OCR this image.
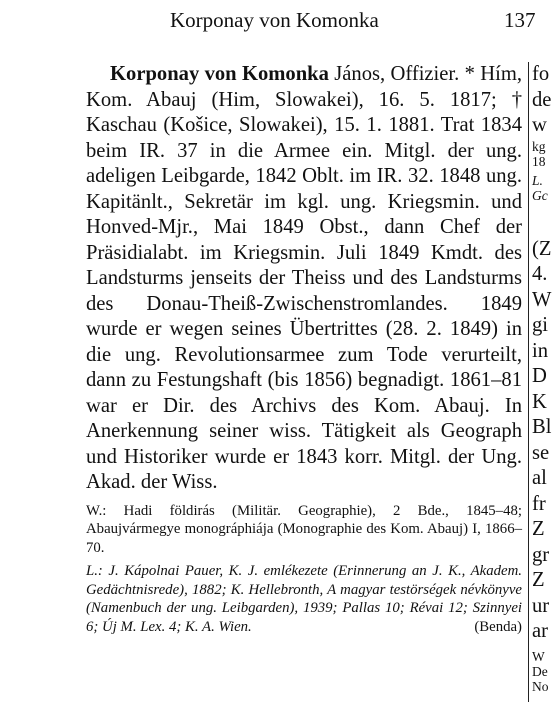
Korponay von Komonka	137

Korponay von Komonka János, Offizier. * Hím, Kom. Abauj (Him, Slowakei), 16. 5. 1817; † Kaschau (Košice, Slowakei), 15. 1. 1881. Trat 1834 beim IR. 37 in die Armee ein. Mitgl. der ung. adeligen Leibgarde, 1842 Oblt. im IR. 32. 1848 ung. Kapitänlt., Sekretär im kgl. ung. Kriegsmin. und Honved-Mjr., Mai 1849 Obst., dann Chef der Präsidialabt. im Kriegsmin. Juli 1849 Kmdt. des Landsturms jenseits der Theiss und des Landsturms des Donau-Theiß-Zwischenstromlandes. 1849 wurde er wegen seines Übertrittes (28. 2. 1849) in die ung. Revolutionsarmee zum Tode verurteilt, dann zu Festungshaft (bis 1856) begnadigt. 1861–81 war er Dir. des Archivs des Kom. Abauj. In Anerkennung seiner wiss. Tätigkeit als Geograph und Historiker wurde er 1843 korr. Mitgl. der Ung. Akad. der Wiss.

W.: Hadi földirás (Militär. Geographie), 2 Bde., 1845–48; Abaujvármegye monográphiája (Monographie des Kom. Abauj) I, 1866–70.

L.: J. Kápolnai Pauer, K. J. emlékezete (Erinnerung an J. K., Akadem. Gedächtnisrede), 1882; K. Hellebronth, A magyar testörségek névkönyve (Namenbuch der ung. Leibgarden), 1939; Pallas 10; Révai 12; Szinnyei 6; Új M. Lex. 4; K. A. Wien.	(Benda)

fo
de
w
kg
18
L.
Gc
(Z
4.
W
gi
in
D
K
Bl
se
al
fr
Z
gr
Z
ur
ar
W
De
No
